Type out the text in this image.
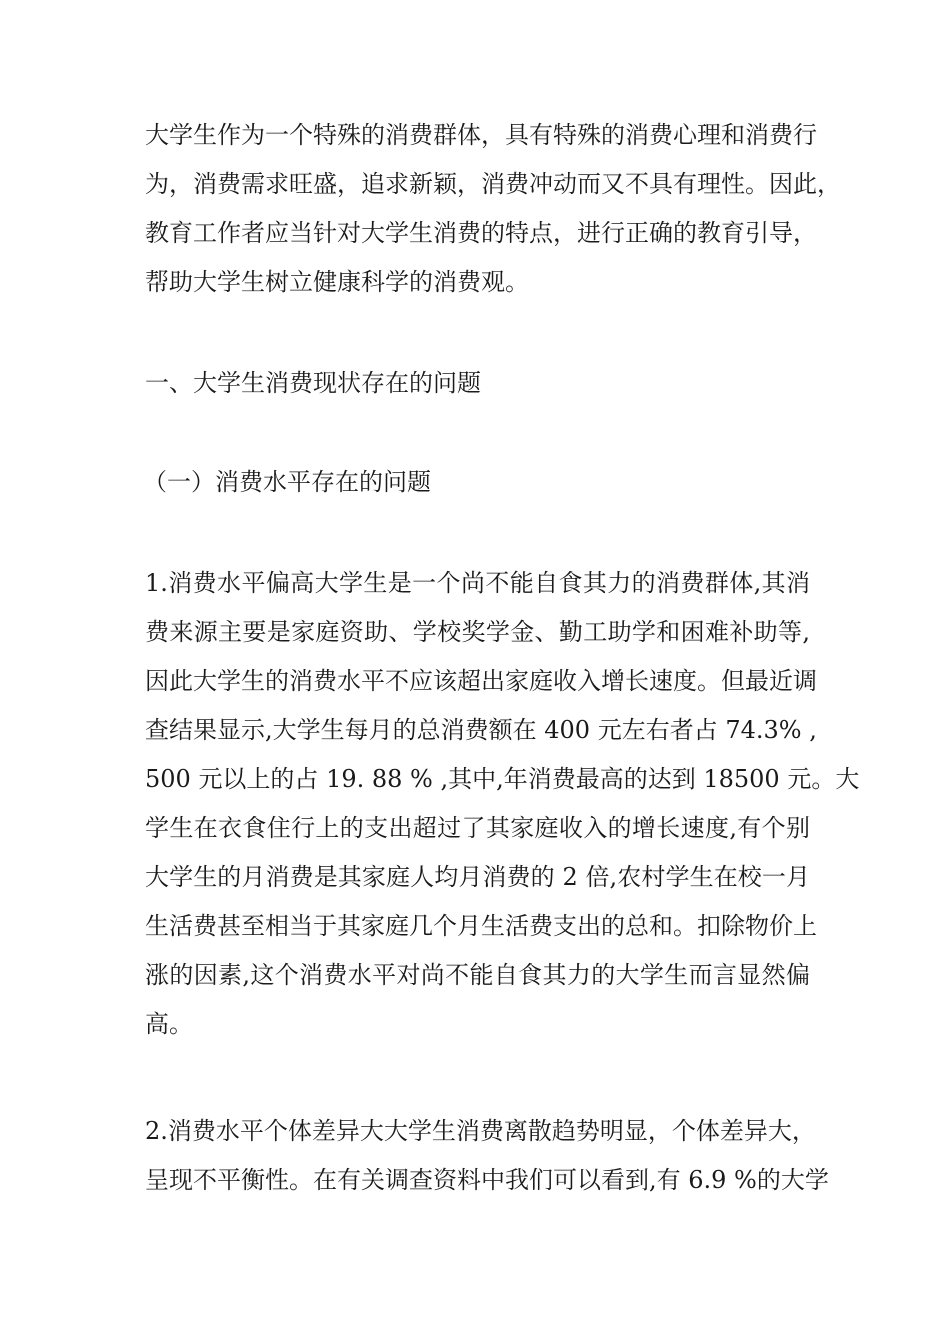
大学生作为一个特殊的消费群体，具有特殊的消费心理和消费行
为，消费需求旺盛，追求新颖，消费冲动而又不具有理性。因此，
教育工作者应当针对大学生消费的特点，进行正确的教育引导，
帮助大学生树立健康科学的消费观。
一、大学生消费现状存在的问题
（一）消费水平存在的问题
1.消费水平偏高大学生是一个尚不能自食其力的消费群体,其消
费来源主要是家庭资助、学校奖学金、勤工助学和困难补助等,
因此大学生的消费水平不应该超出家庭收入增长速度。但最近调
查结果显示,大学生每月的总消费额在 400 元左右者占 74.3% ,
500 元以上的占 19. 88 % ,其中,年消费最高的达到 18500 元。大
学生在衣食住行上的支出超过了其家庭收入的增长速度,有个别
大学生的月消费是其家庭人均月消费的 2 倍,农村学生在校一月
生活费甚至相当于其家庭几个月生活费支出的总和。扣除物价上
涨的因素,这个消费水平对尚不能自食其力的大学生而言显然偏
高。
2.消费水平个体差异大大学生消费离散趋势明显，个体差异大，
呈现不平衡性。在有关调查资料中我们可以看到,有 6.9 %的大学
